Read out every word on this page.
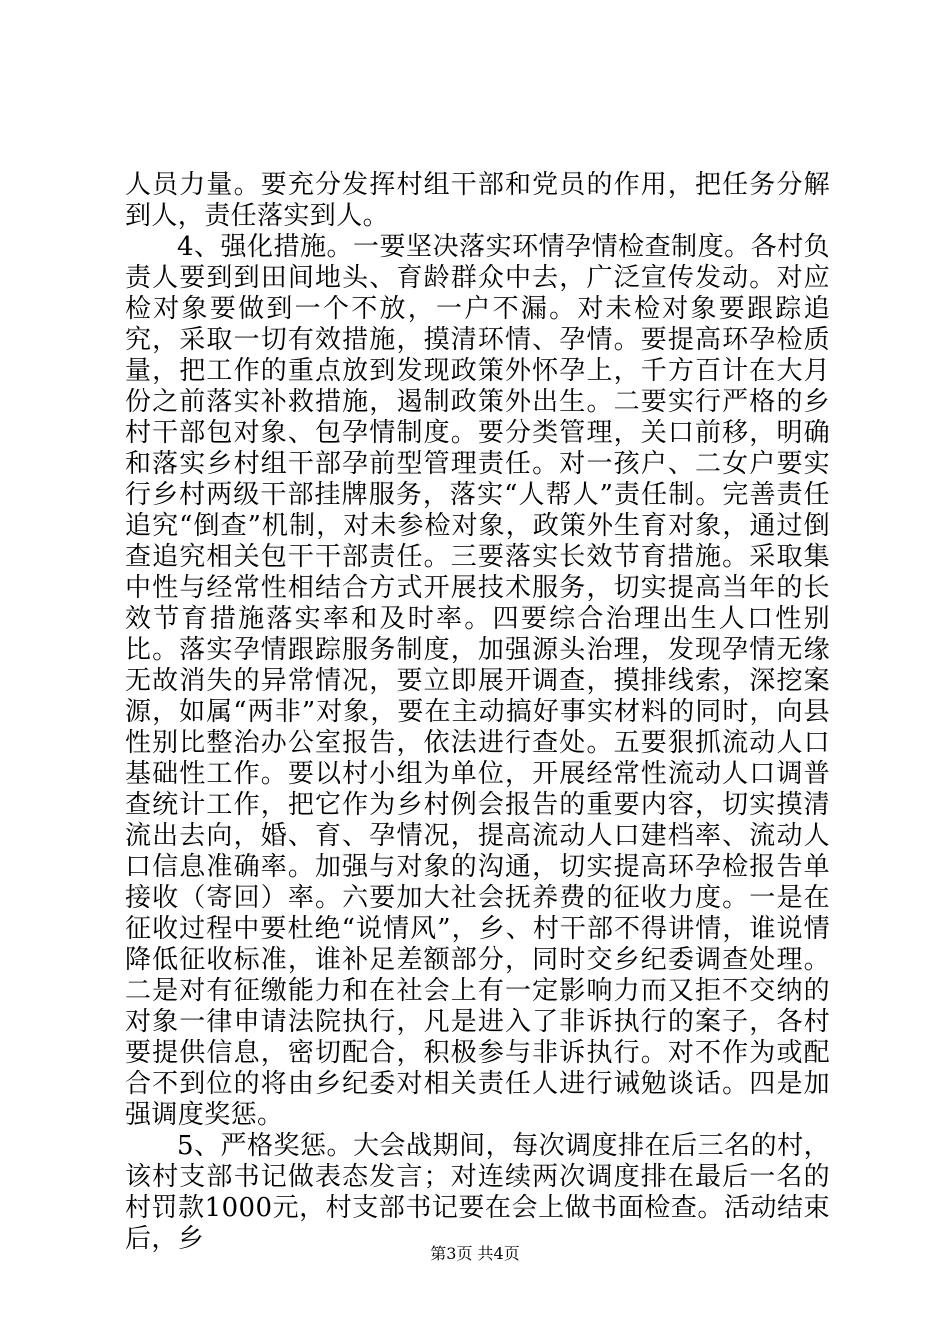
人员力量。要充分发挥村组干部和党员的作用，把任务分解到人，责任落实到人。

4、强化措施。一要坚决落实环情孕情检查制度。各村负责人要到到田间地头、育龄群众中去，广泛宣传发动。对应检对象要做到一个不放，一户不漏。对未检对象要跟踪追究，采取一切有效措施，摸清环情、孕情。要提高环孕检质量，把工作的重点放到发现政策外怀孕上，千方百计在大月份之前落实补救措施，遏制政策外出生。二要实行严格的乡村干部包对象、包孕情制度。要分类管理，关口前移，明确和落实乡村组干部孕前型管理责任。对一孩户、二女户要实行乡村两级干部挂牌服务，落实“人帮人”责任制。完善责任追究“倒查”机制，对未参检对象，政策外生育对象，通过倒查追究相关包干干部责任。三要落实长效节育措施。采取集中性与经常性相结合方式开展技术服务，切实提高当年的长效节育措施落实率和及时率。四要综合治理出生人口性别比。落实孕情跟踪服务制度，加强源头治理，发现孕情无缘无故消失的异常情况，要立即展开调查，摸排线索，深挖案源，如属“两非”对象，要在主动搞好事实材料的同时，向县性别比整治办公室报告，依法进行查处。五要狠抓流动人口基础性工作。要以村小组为单位，开展经常性流动人口调普查统计工作，把它作为乡村例会报告的重要内容，切实摸清流出去向，婚、育、孕情况，提高流动人口建档率、流动人口信息准确率。加强与对象的沟通，切实提高环孕检报告单接收（寄回）率。六要加大社会抚养费的征收力度。一是在征收过程中要杜绝“说情风”，乡、村干部不得讲情，谁说情降低征收标准，谁补足差额部分，同时交乡纪委调查处理。二是对有征缴能力和在社会上有一定影响力而又拒不交纳的对象一律申请法院执行，凡是进入了非诉执行的案子，各村要提供信息，密切配合，积极参与非诉执行。对不作为或配合不到位的将由乡纪委对相关责任人进行诫勉谈话。四是加强调度奖惩。

5、严格奖惩。大会战期间，每次调度排在后三名的村，该村支部书记做表态发言；对连续两次调度排在最后一名的村罚款1000元，村支部书记要在会上做书面检查。活动结束后，乡	第3页 共4页
